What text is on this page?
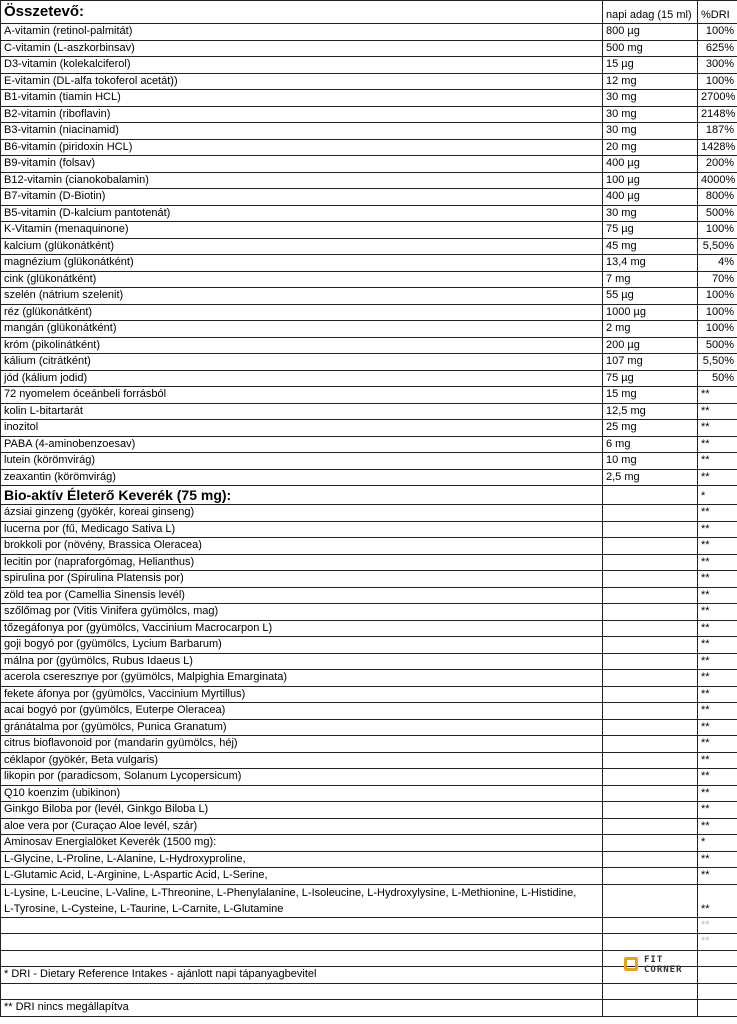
Összetevő:	napi adag (15 ml)	%DRI
A-vitamin (retinol-palmitát)	800 µg	100%
C-vitamin (L-aszkorbinsav)	500 mg	625%
D3-vitamin (kolekalciferol)	15 µg	300%
E-vitamin (DL-alfa tokoferol acetát))	12 mg	100%
B1-vitamin (tiamin HCL)	30 mg	2700%
B2-vitamin (riboflavin)	30 mg	2148%
B3-vitamin (niacinamid)	30 mg	187%
B6-vitamin (piridoxin HCL)	20 mg	1428%
B9-vitamin (folsav)	400 µg	200%
B12-vitamin (cianokobalamin)	100 µg	4000%
B7-vitamin (D-Biotin)	400 µg	800%
B5-vitamin (D-kalcium pantotenát)	30 mg	500%
K-Vitamin (menaquinone)	75 µg	100%
kalcium (glükonátként)	45 mg	5,50%
magnézium (glükonátként)	13,4 mg	4%
cink (glükonátként)	7 mg	70%
szelén (nátrium szelenit)	55 µg	100%
réz (glükonátként)	1000 µg	100%
mangán (glükonátként)	2 mg	100%
króm (pikolinátként)	200 µg	500%
kálium (citrátként)	107 mg	5,50%
jód (kálium jodid)	75 µg	50%
72 nyomelem óceánbeli forrásból	15 mg	**
kolin L-bitartarát	12,5 mg	**
inozitol	25 mg	**
PABA (4-aminobenzoesav)	6 mg	**
lutein (körömvirág)	10 mg	**
zeaxantin (körömvirág)	2,5 mg	**
Bio-aktív Életerő Keverék (75 mg):		*
ázsiai ginzeng (gyökér, koreai ginseng)		**
lucerna por (fű, Medicago Sativa L)		**
brokkoli por (növény, Brassica Oleracea)		**
lecitin por (napraforgómag, Helianthus)		**
spirulina por (Spirulina Platensis por)		**
zöld tea por (Camellia Sinensis levél)		**
szőlőmag por (Vitis Vinifera gyümölcs, mag)		**
tőzegáfonya por (gyümölcs, Vaccinium Macrocarpon L)		**
goji bogyó por (gyümölcs, Lycium Barbarum)		**
málna por (gyümölcs, Rubus Idaeus L)		**
acerola cseresznye por (gyümölcs, Malpighia Emarginata)		**
fekete áfonya por (gyümölcs, Vaccinium Myrtillus)		**
acai bogyó por (gyümölcs, Euterpe Oleracea)		**
gránátalma por (gyümölcs, Punica Granatum)		**
citrus bioflavonoid por (mandarin gyümölcs, héj)		**
céklapor (gyökér, Beta vulgaris)		**
likopin por (paradicsom, Solanum Lycopersicum)		**
Q10 koenzim (ubikinon)		**
Ginkgo Biloba por (levél, Ginkgo Biloba L)		**
aloe vera por (Curaçao Aloe levél, szár)		**
Aminosav Energialöket Keverék (1500 mg):		*
L-Glycine, L-Proline, L-Alanine, L-Hydroxyproline,		**
L-Glutamic Acid, L-Arginine, L-Aspartic Acid, L-Serine,		**

L-Lysine, L-Leucine, L-Valine, L-Threonine, L-Phenylalanine, L-Isoleucine, L-Hydroxylysine, L-Methionine, L-Histidine,
L-Tyrosine, L-Cysteine, L-Taurine, L-Carnite, L-Glutamine		**
		**
		**

* DRI - Dietary Reference Intakes - ajánlott napi tápanyagbevitel		

** DRI nincs megállapítva		
FIT
CORNER
